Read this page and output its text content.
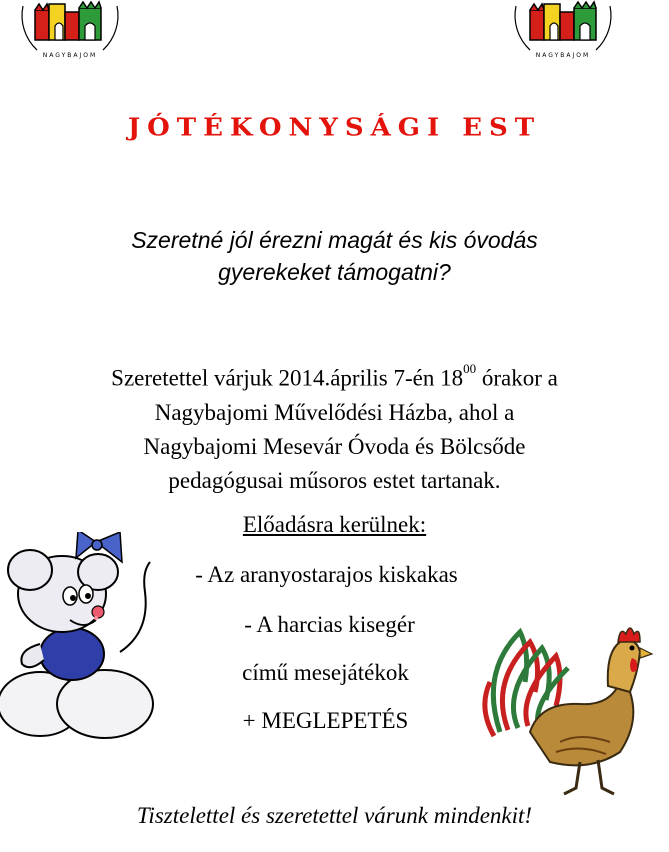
NAGYBAJOM	NAGYBAJOM
JÓTÉKONYSÁGI EST
Szeretné jól érezni magát és kis óvodás
gyerekeket támogatni?
Szeretettel várjuk 2014.április 7-én $18^{00}$ órakor a
Nagybajomi Művelődési Házba, ahol a
Nagybajomi Mesevár Óvoda és Bölcsőde
pedagógusai műsoros estet tartanak.
Előadásra kerülnek:
- Az aranyostarajos kiskakas
- A harcias kisegér
című mesejátékok
+ MEGLEPETÉS
Tisztelettel és szeretettel várunk mindenkit!
